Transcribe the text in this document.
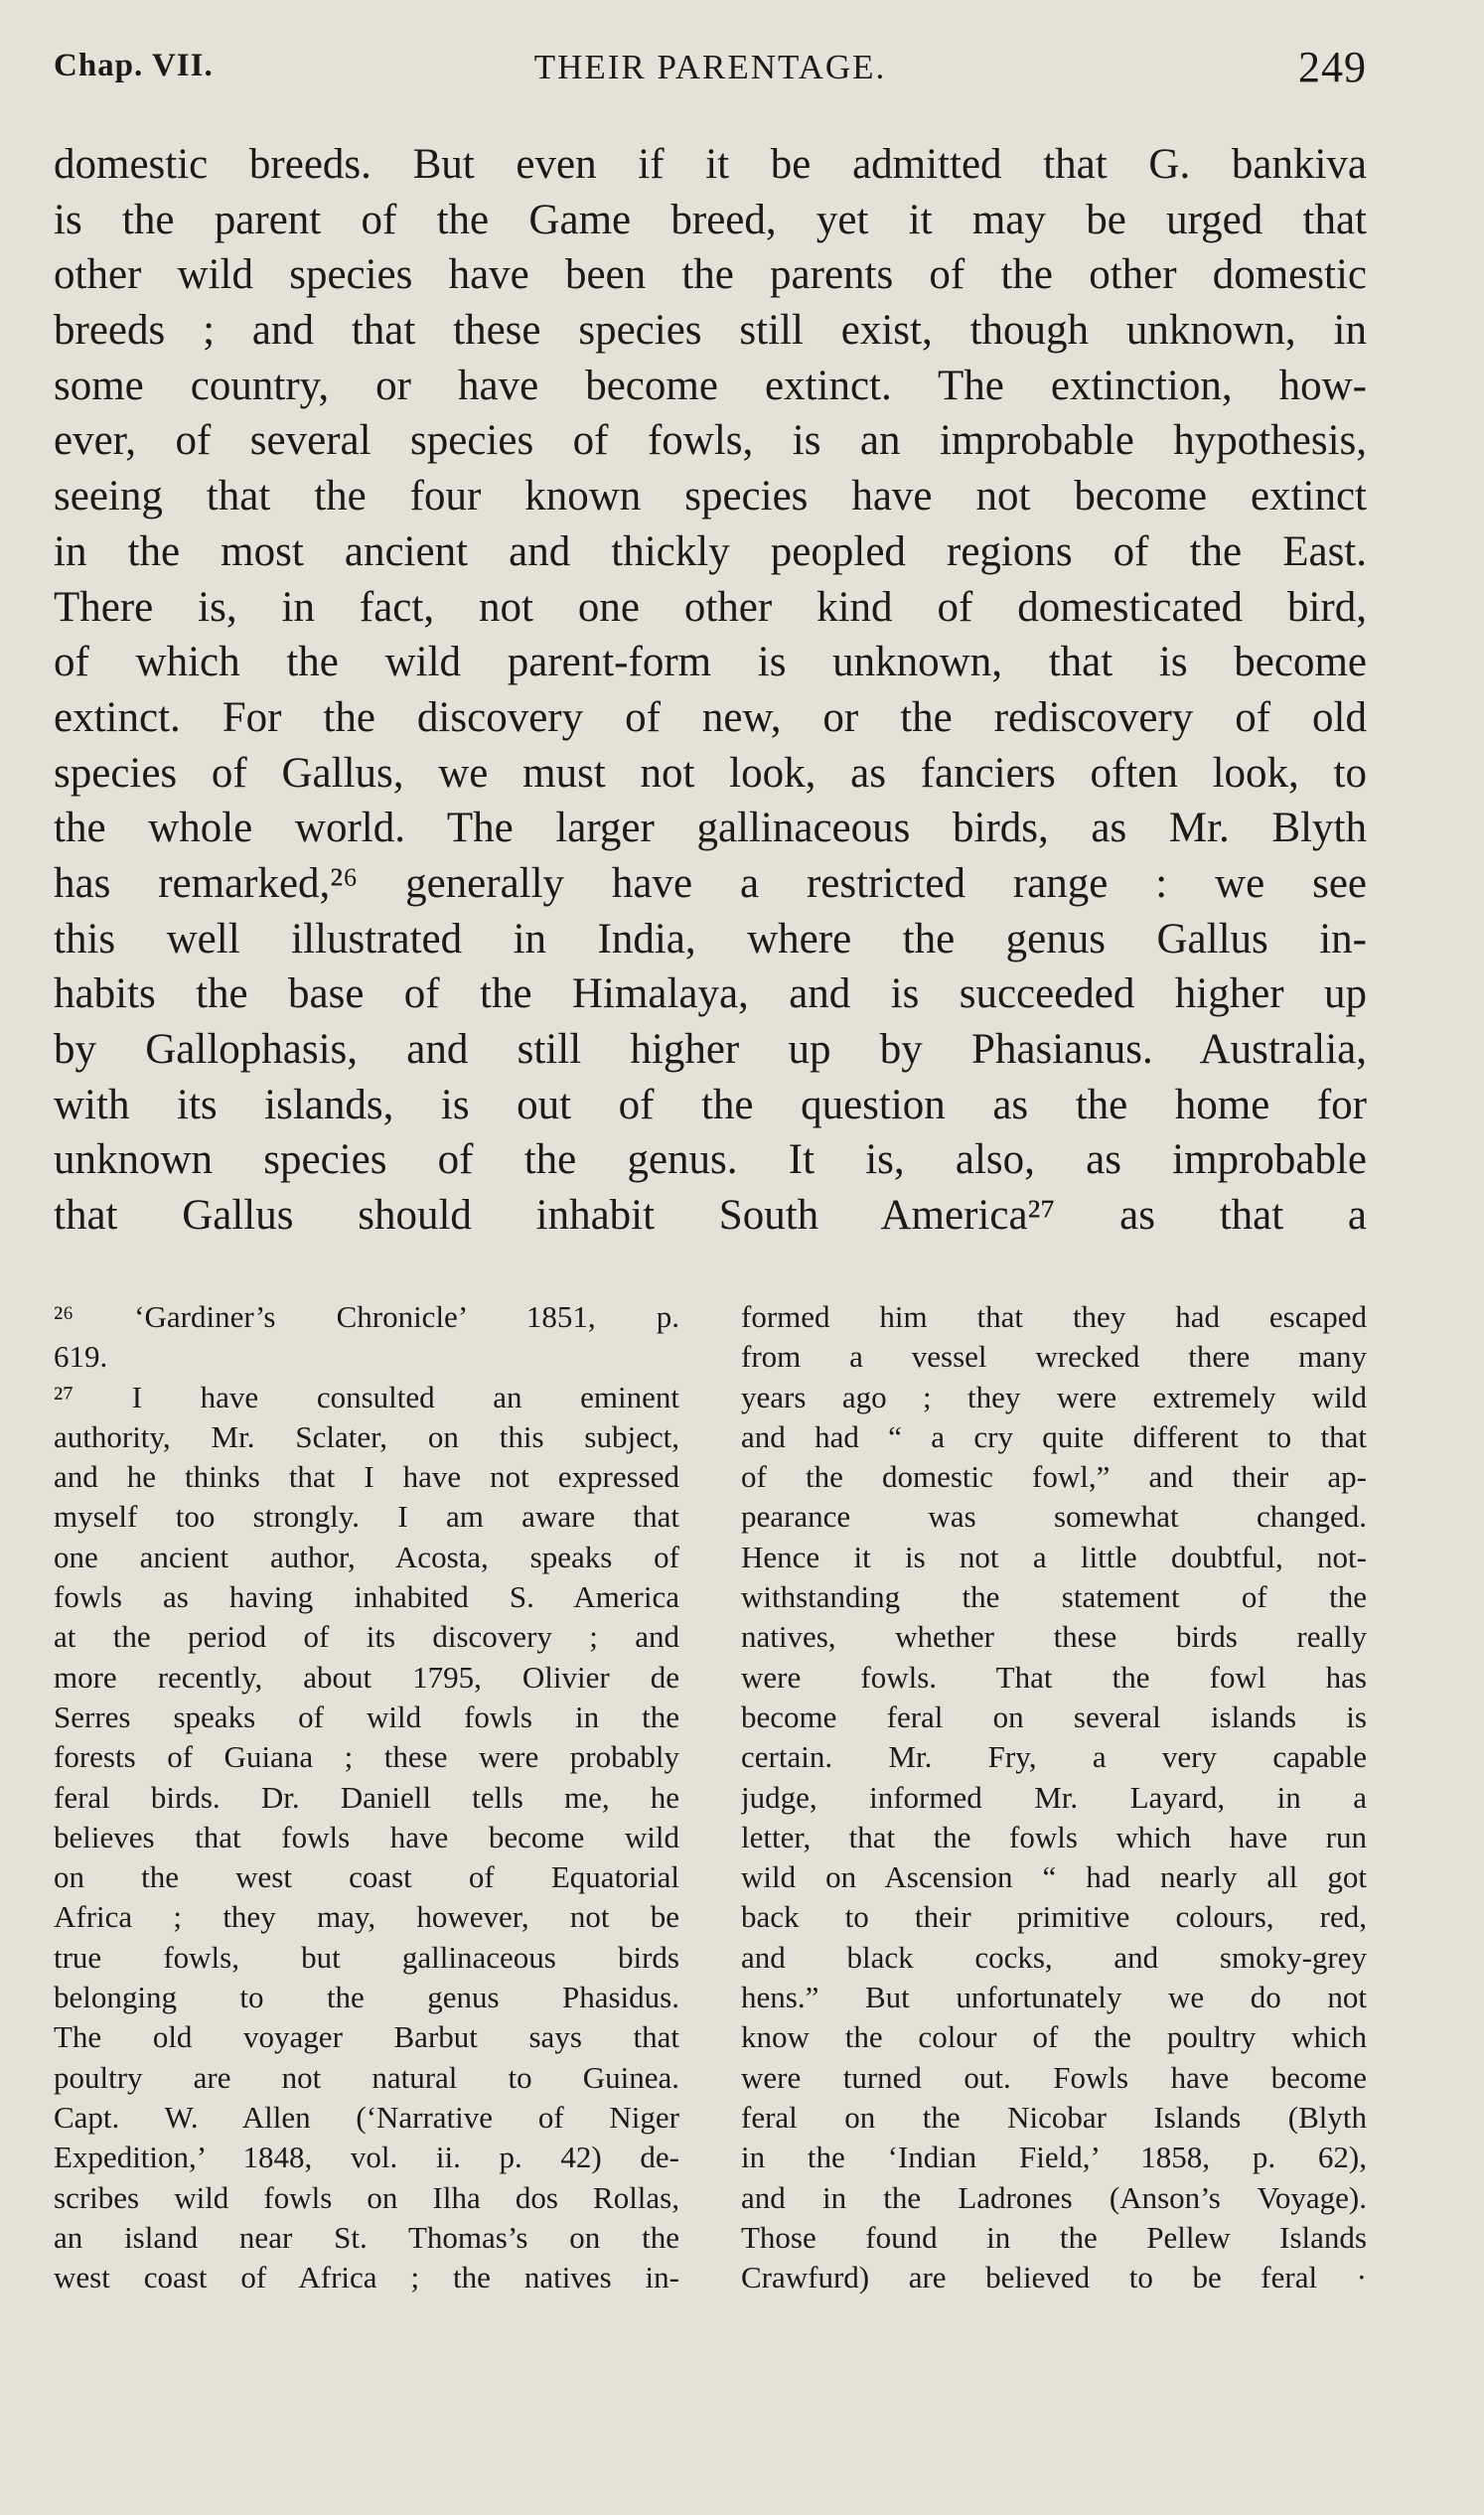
Chap. VII.	THEIR PARENTAGE.	249
domestic breeds. But even if it be admitted that G. bankiva
is the parent of the Game breed, yet it may be urged that
other wild species have been the parents of the other domestic
breeds ; and that these species still exist, though unknown, in
some country, or have become extinct. The extinction, how-
ever, of several species of fowls, is an improbable hypothesis,
seeing that the four known species have not become extinct
in the most ancient and thickly peopled regions of the East.
There is, in fact, not one other kind of domesticated bird,
of which the wild parent-form is unknown, that is become
extinct. For the discovery of new, or the rediscovery of old
species of Gallus, we must not look, as fanciers often look, to
the whole world. The larger gallinaceous birds, as Mr. Blyth
has remarked,²⁶ generally have a restricted range : we see
this well illustrated in India, where the genus Gallus in-
habits the base of the Himalaya, and is succeeded higher up
by Gallophasis, and still higher up by Phasianus. Australia,
with its islands, is out of the question as the home for
unknown species of the genus. It is, also, as improbable
that Gallus should inhabit South America²⁷ as that a
²⁶ ‘Gardiner’s Chronicle’ 1851, p.
619.
²⁷ I have consulted an eminent
authority, Mr. Sclater, on this subject,
and he thinks that I have not expressed
myself too strongly. I am aware that
one ancient author, Acosta, speaks of
fowls as having inhabited S. America
at the period of its discovery ; and
more recently, about 1795, Olivier de
Serres speaks of wild fowls in the
forests of Guiana ; these were probably
feral birds. Dr. Daniell tells me, he
believes that fowls have become wild
on the west coast of Equatorial
Africa ; they may, however, not be
true fowls, but gallinaceous birds
belonging to the genus Phasidus.
The old voyager Barbut says that
poultry are not natural to Guinea.
Capt. W. Allen (‘Narrative of Niger
Expedition,’ 1848, vol. ii. p. 42) de-
scribes wild fowls on Ilha dos Rollas,
an island near St. Thomas’s on the
west coast of Africa ; the natives in-
formed him that they had escaped
from a vessel wrecked there many
years ago ; they were extremely wild
and had “ a cry quite different to that
of the domestic fowl,” and their ap-
pearance was somewhat changed.
Hence it is not a little doubtful, not-
withstanding the statement of the
natives, whether these birds really
were fowls. That the fowl has
become feral on several islands is
certain. Mr. Fry, a very capable
judge, informed Mr. Layard, in a
letter, that the fowls which have run
wild on Ascension “ had nearly all got
back to their primitive colours, red,
and black cocks, and smoky-grey
hens.” But unfortunately we do not
know the colour of the poultry which
were turned out. Fowls have become
feral on the Nicobar Islands (Blyth
in the ‘Indian Field,’ 1858, p. 62),
and in the Ladrones (Anson’s Voyage).
Those found in the Pellew Islands
Crawfurd) are believed to be feral ·
